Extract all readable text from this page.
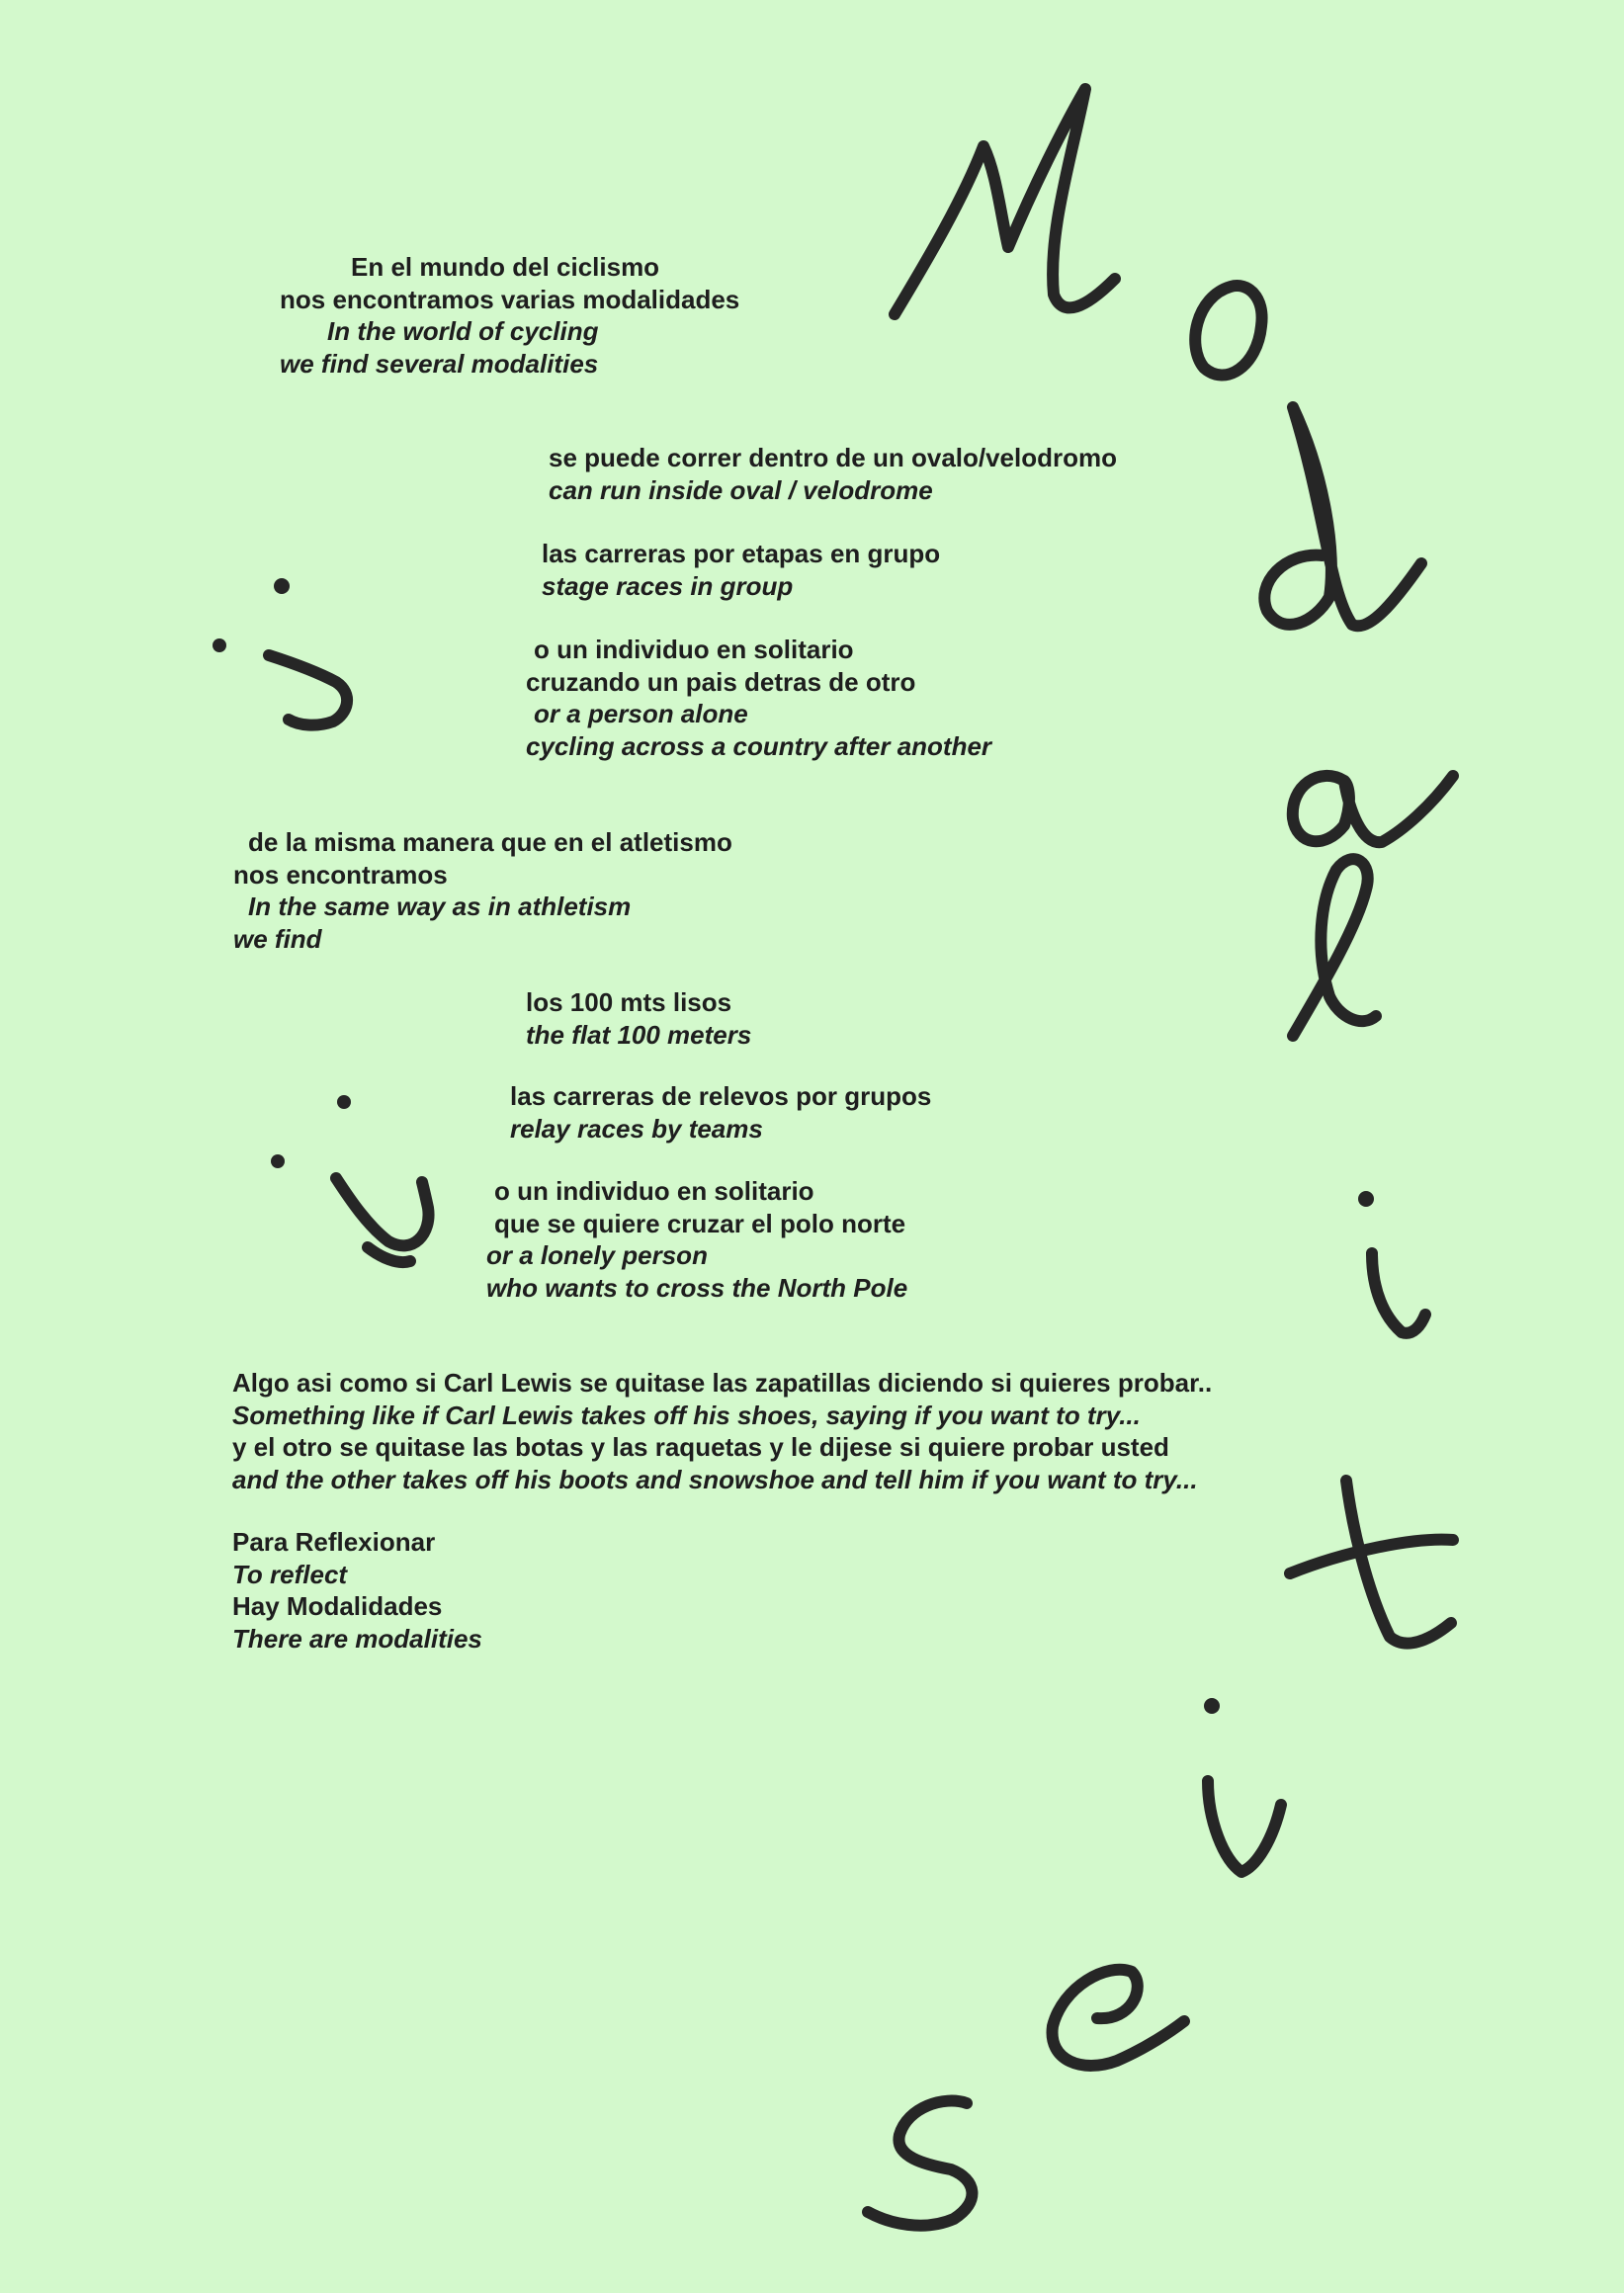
En el mundo del ciclismo
nos encontramos varias modalidades
In the world of cycling
we find several modalities
se puede correr dentro de un ovalo/velodromo
can run inside oval / velodrome
las carreras por etapas en grupo
stage races in group
o un individuo en solitario
cruzando un pais detras de otro
or a person alone
cycling across a country after another
de la misma manera que en el atletismo
nos encontramos
In the same way as in athletism
we find
los 100 mts lisos
the flat 100 meters
las carreras de relevos por grupos
relay races by teams
o un individuo en solitario
que se quiere cruzar el polo norte
or a lonely person
who wants to cross the North Pole
Algo asi como si Carl Lewis se quitase las zapatillas diciendo si quieres probar..
Something like if Carl Lewis takes off his shoes, saying if you want to try...
y el otro se quitase las botas y las raquetas y le dijese si quiere probar usted
and the other takes off his boots and snowshoe and tell him if you want to try...
Para Reflexionar
To reflect
Hay Modalidades
There are modalities
